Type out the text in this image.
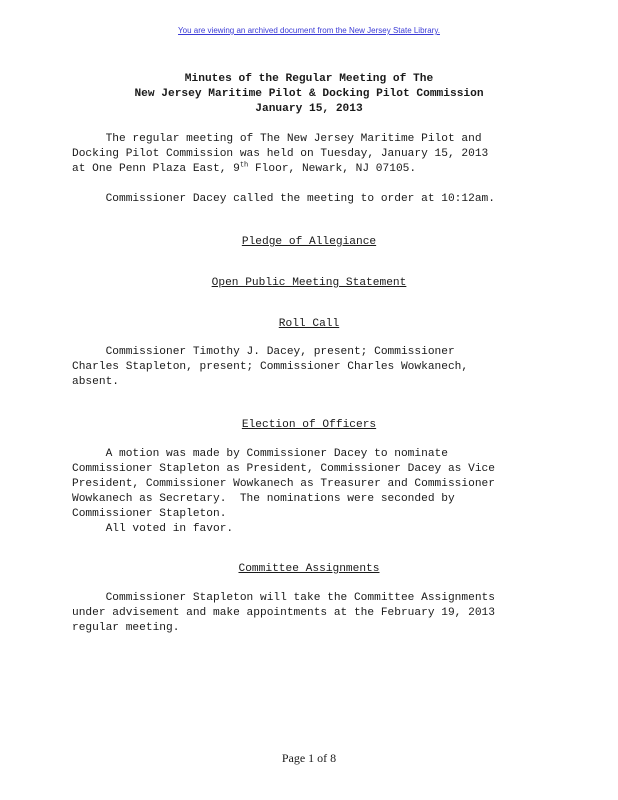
You are viewing an archived document from the New Jersey State Library.
Minutes of the Regular Meeting of The
New Jersey Maritime Pilot & Docking Pilot Commission
January 15, 2013

The regular meeting of The New Jersey Maritime Pilot and
Docking Pilot Commission was held on Tuesday, January 15, 2013
at One Penn Plaza East, 9th Floor, Newark, NJ 07105.

Commissioner Dacey called the meeting to order at 10:12am.

Pledge of Allegiance

Open Public Meeting Statement

Roll Call

Commissioner Timothy J. Dacey, present; Commissioner
Charles Stapleton, present; Commissioner Charles Wowkanech,
absent.

Election of Officers

A motion was made by Commissioner Dacey to nominate
Commissioner Stapleton as President, Commissioner Dacey as Vice
President, Commissioner Wowkanech as Treasurer and Commissioner
Wowkanech as Secretary.  The nominations were seconded by
Commissioner Stapleton.
All voted in favor.

Committee Assignments

Commissioner Stapleton will take the Committee Assignments
under advisement and make appointments at the February 19, 2013
regular meeting.

Page 1 of 8
